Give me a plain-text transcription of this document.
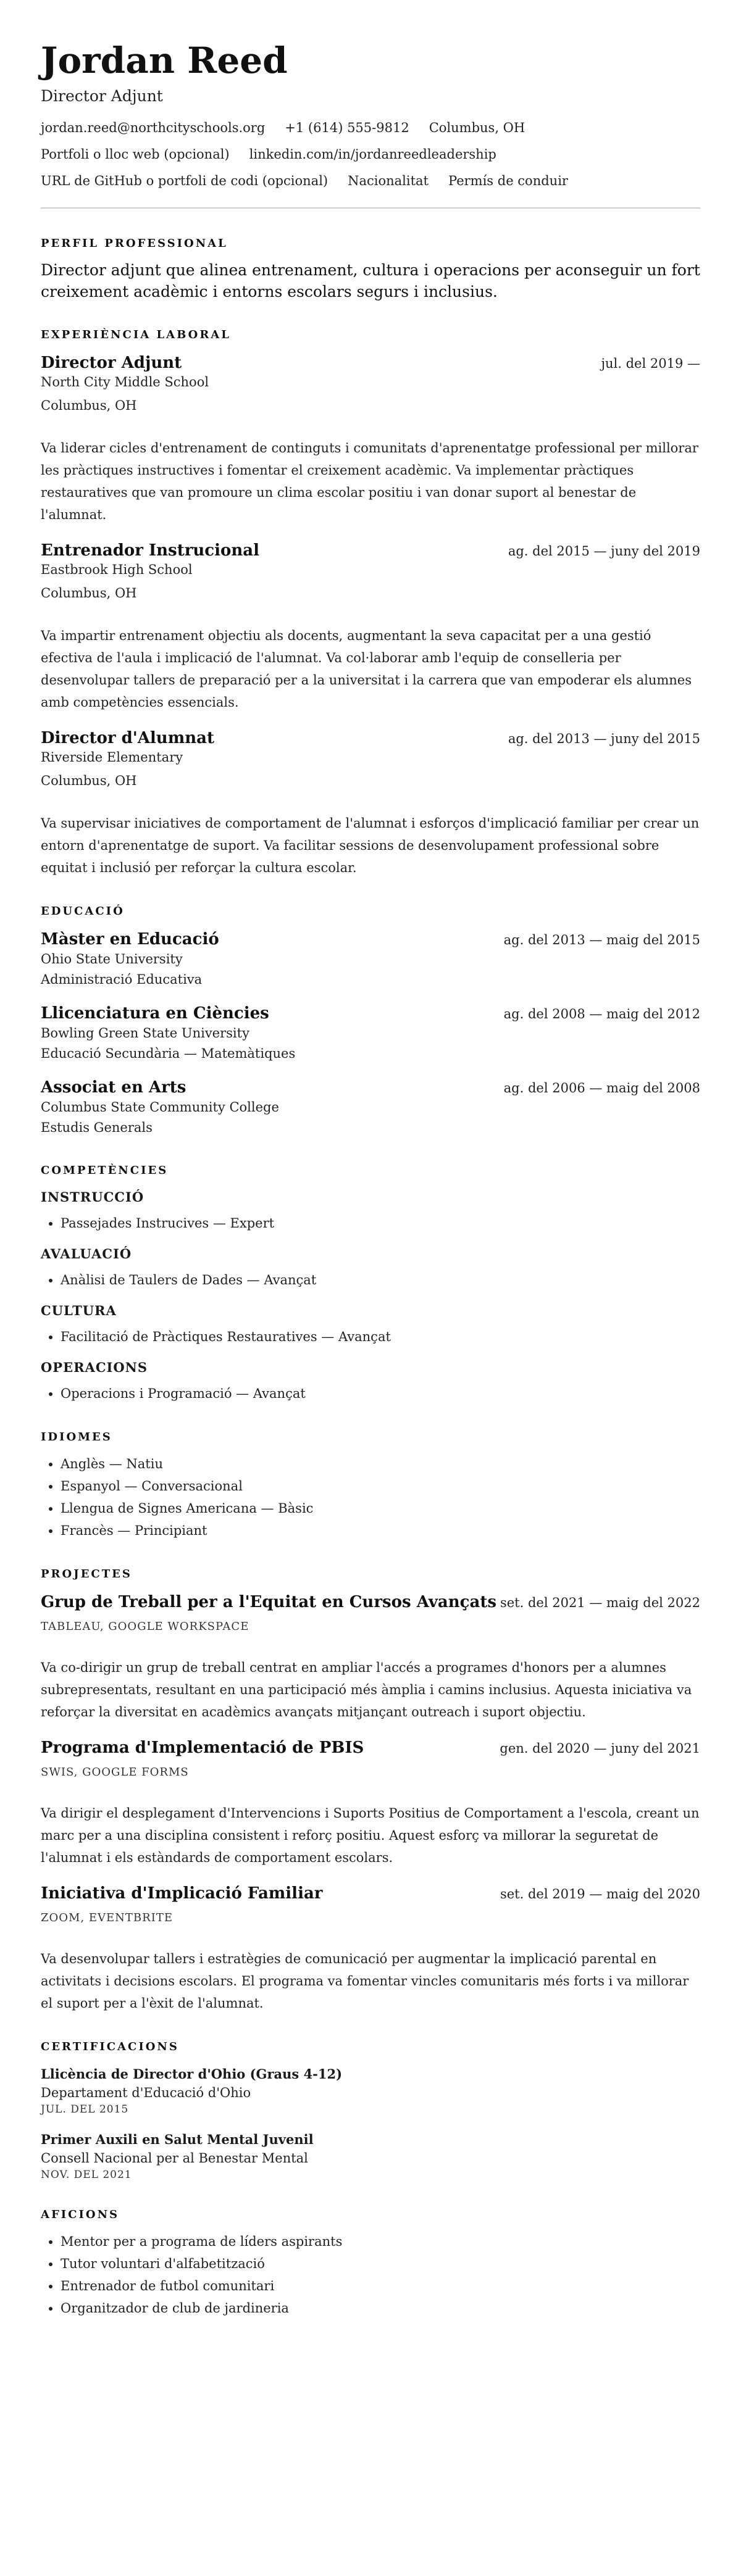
Jordan Reed
Director Adjunt
jordan.reed@northcityschools.org +1 (614) 555-9812 Columbus, OH
Portfoli o lloc web (opcional) linkedin.com/in/jordanreedleadership
URL de GitHub o portfoli de codi (opcional) Nacionalitat Permís de conduir
PERFIL PROFESSIONAL
Director adjunt que alinea entrenament, cultura i operacions per aconseguir un fort creixement acadèmic i entorns escolars segurs i inclusius.
EXPERIÈNCIA LABORAL
Director Adjunt	jul. del 2019 —
North City Middle School
Columbus, OH
Va liderar cicles d'entrenament de continguts i comunitats d'aprenentatge professional per millorar les pràctiques instructives i fomentar el creixement acadèmic. Va implementar pràctiques restauratives que van promoure un clima escolar positiu i van donar suport al benestar de l'alumnat.
Entrenador Instrucional	ag. del 2015 — juny del 2019
Eastbrook High School
Columbus, OH
Va impartir entrenament objectiu als docents, augmentant la seva capacitat per a una gestió efectiva de l'aula i implicació de l'alumnat. Va col·laborar amb l'equip de conselleria per desenvolupar tallers de preparació per a la universitat i la carrera que van empoderar els alumnes amb competències essencials.
Director d'Alumnat	ag. del 2013 — juny del 2015
Riverside Elementary
Columbus, OH
Va supervisar iniciatives de comportament de l'alumnat i esforços d'implicació familiar per crear un entorn d'aprenentatge de suport. Va facilitar sessions de desenvolupament professional sobre equitat i inclusió per reforçar la cultura escolar.
EDUCACIÓ
Màster en Educació	ag. del 2013 — maig del 2015
Ohio State University
Administració Educativa
Llicenciatura en Ciències	ag. del 2008 — maig del 2012
Bowling Green State University
Educació Secundària — Matemàtiques
Associat en Arts	ag. del 2006 — maig del 2008
Columbus State Community College
Estudis Generals
COMPETÈNCIES
INSTRUCCIÓ
• Passejades Instrucives — Expert
AVALUACIÓ
• Anàlisi de Taulers de Dades — Avançat
CULTURA
• Facilitació de Pràctiques Restauratives — Avançat
OPERACIONS
• Operacions i Programació — Avançat
IDIOMES
• Anglès — Natiu
• Espanyol — Conversacional
• Llengua de Signes Americana — Bàsic
• Francès — Principiant
PROJECTES
Grup de Treball per a l'Equitat en Cursos Avançats set. del 2021 — maig del 2022
TABLEAU, GOOGLE WORKSPACE
Va co-dirigir un grup de treball centrat en ampliar l'accés a programes d'honors per a alumnes subrepresentats, resultant en una participació més àmplia i camins inclusius. Aquesta iniciativa va reforçar la diversitat en acadèmics avançats mitjançant outreach i suport objectiu.
Programa d'Implementació de PBIS	gen. del 2020 — juny del 2021
SWIS, GOOGLE FORMS
Va dirigir el desplegament d'Intervencions i Suports Positius de Comportament a l'escola, creant un marc per a una disciplina consistent i reforç positiu. Aquest esforç va millorar la seguretat de l'alumnat i els estàndards de comportament escolars.
Iniciativa d'Implicació Familiar	set. del 2019 — maig del 2020
ZOOM, EVENTBRITE
Va desenvolupar tallers i estratègies de comunicació per augmentar la implicació parental en activitats i decisions escolars. El programa va fomentar vincles comunitaris més forts i va millorar el suport per a l'èxit de l'alumnat.
CERTIFICACIONS
Llicència de Director d'Ohio (Graus 4-12)
Departament d'Educació d'Ohio
JUL. DEL 2015
Primer Auxili en Salut Mental Juvenil
Consell Nacional per al Benestar Mental
NOV. DEL 2021
AFICIONS
• Mentor per a programa de líders aspirants
• Tutor voluntari d'alfabetització
• Entrenador de futbol comunitari
• Organitzador de club de jardineria
